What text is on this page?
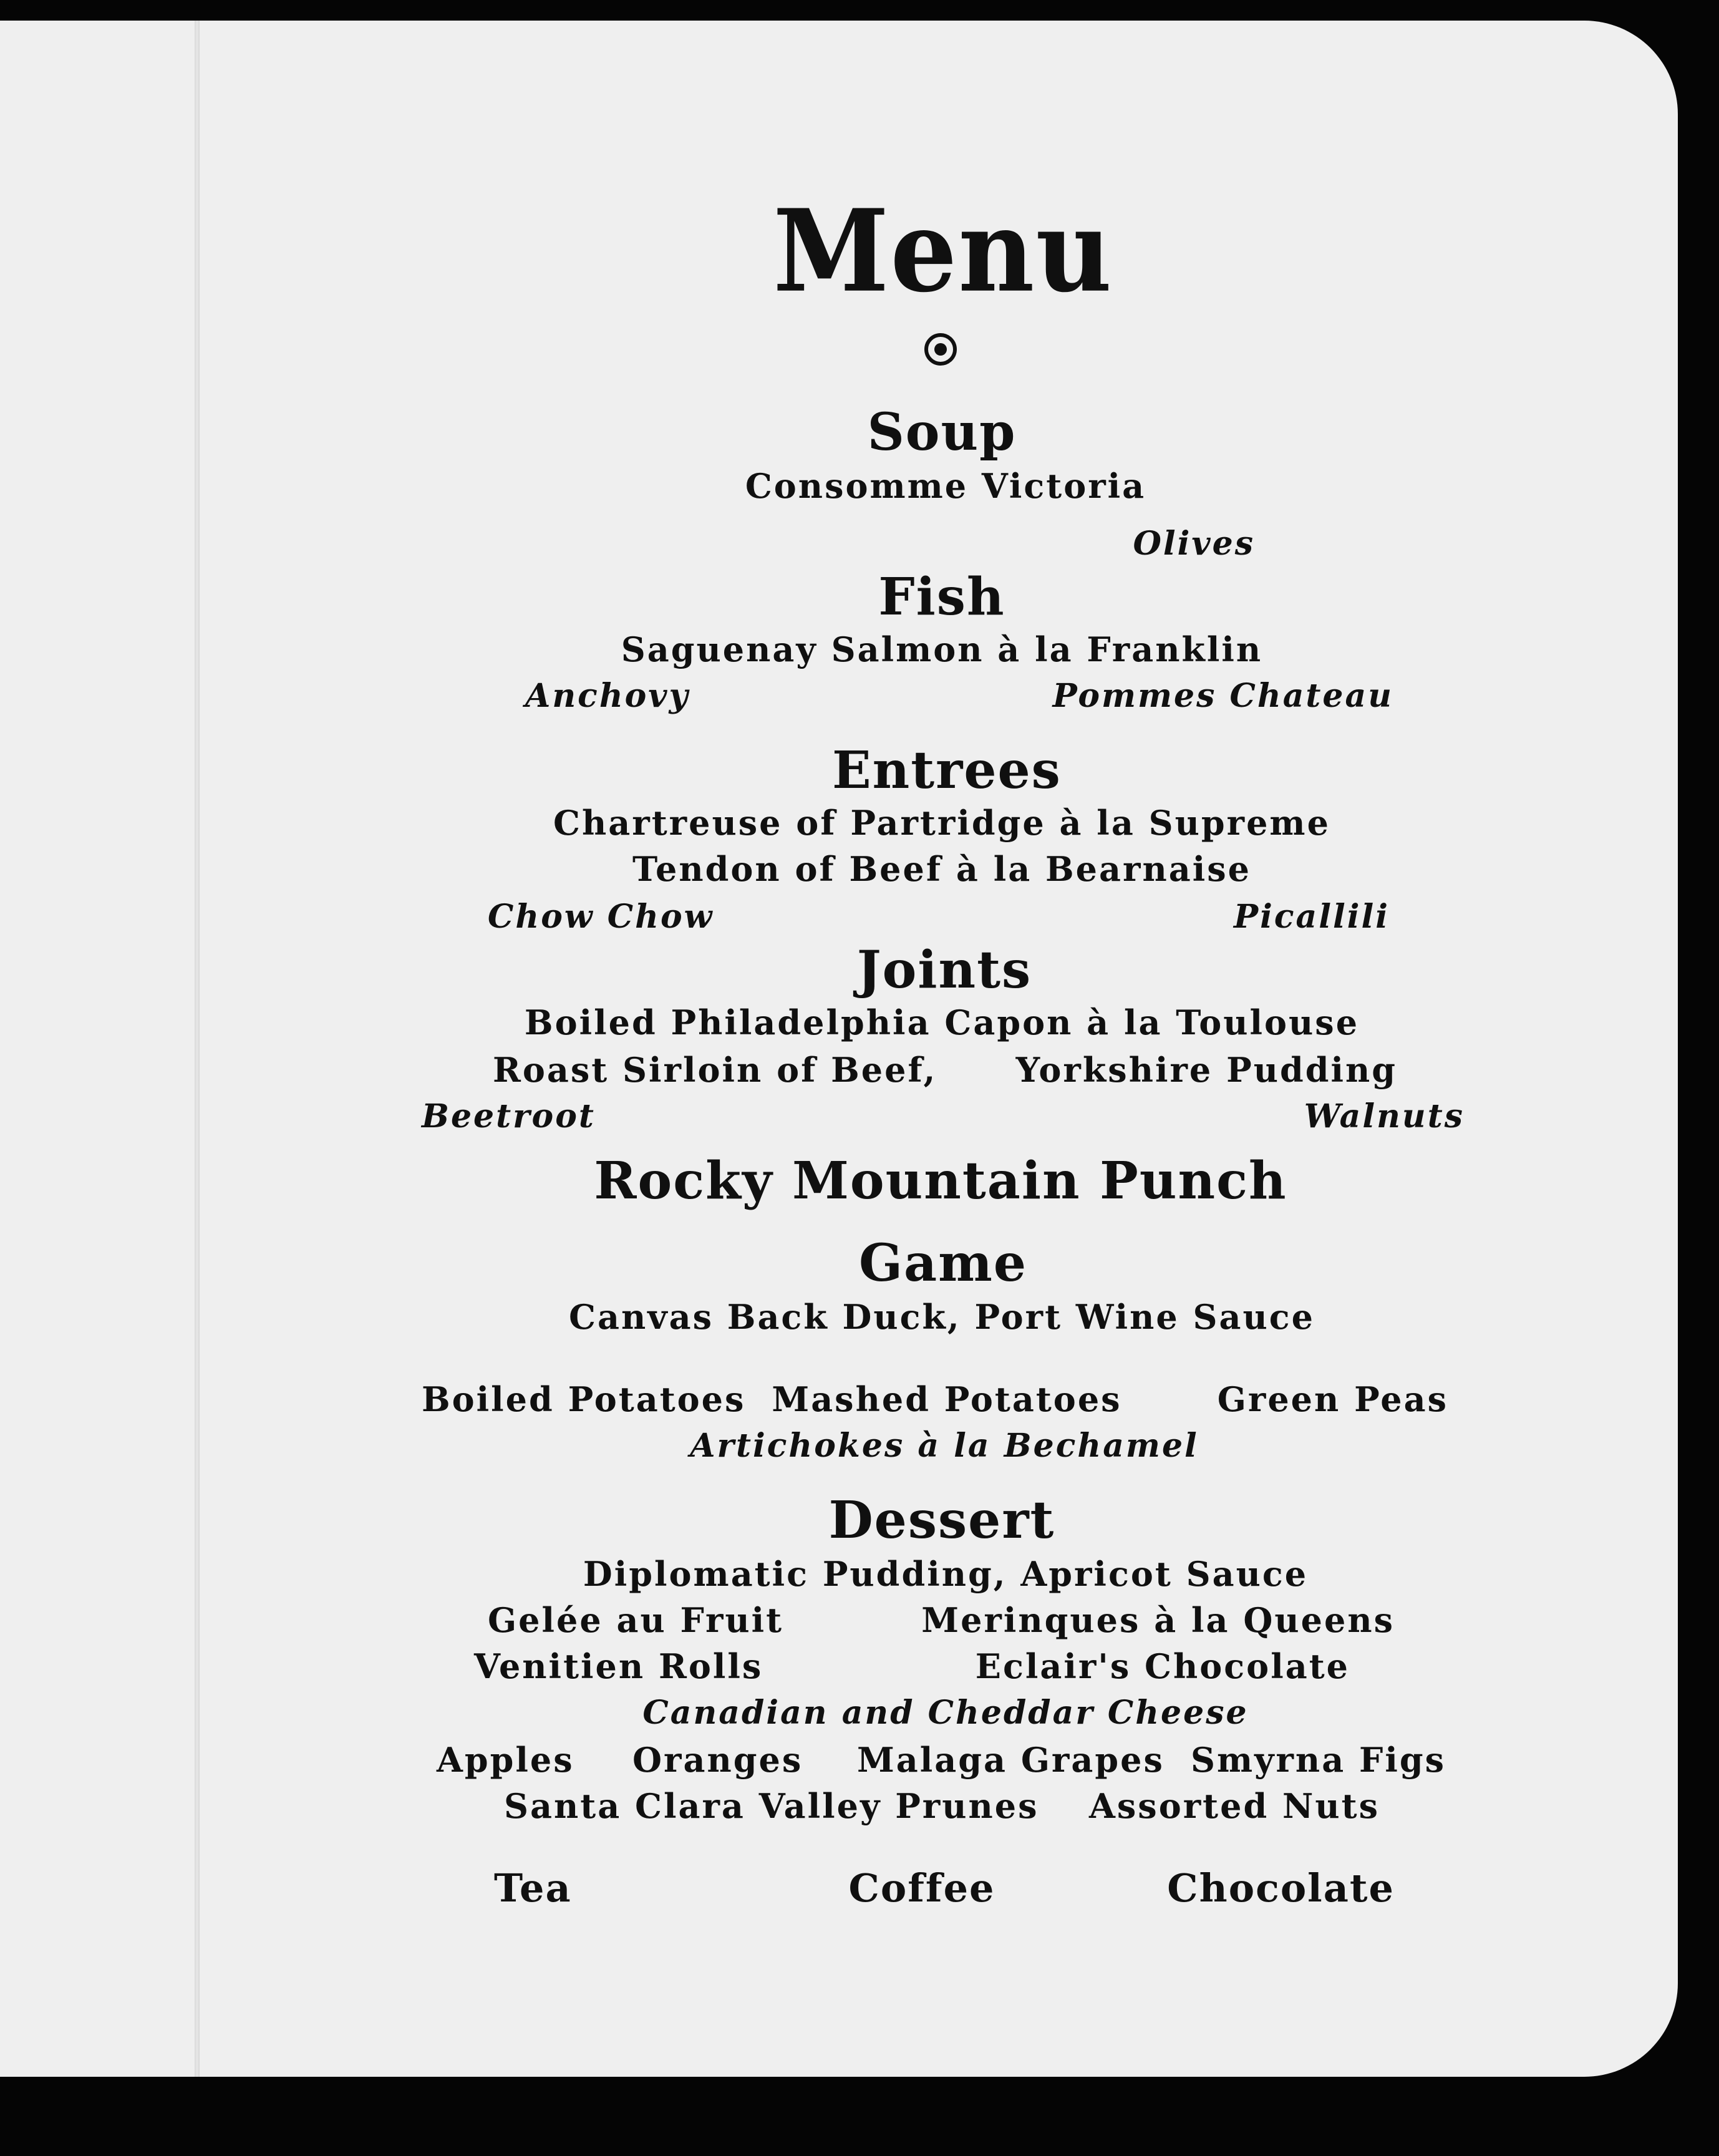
Menu
Soup
Consomme Victoria
Olives
Fish
Saguenay Salmon à la Franklin
Anchovy	Pommes Chateau
Entrees
Chartreuse of Partridge à la Supreme
Tendon of Beef à la Bearnaise
Chow Chow	Picallili
Joints
Boiled Philadelphia Capon à la Toulouse
Roast Sirloin of Beef, Yorkshire Pudding
Beetroot	Walnuts
Rocky Mountain Punch
Game
Canvas Back Duck, Port Wine Sauce
Boiled Potatoes Mashed Potatoes	Green Peas
Artichokes à la Bechamel
Dessert
Diplomatic Pudding, Apricot Sauce
Gelée au Fruit	Merinques à la Queens
Venitien Rolls	Eclair's Chocolate
Canadian and Cheddar Cheese
Apples Oranges Malaga Grapes Smyrna Figs
Santa Clara Valley Prunes Assorted Nuts
Tea	Coffee	Chocolate
